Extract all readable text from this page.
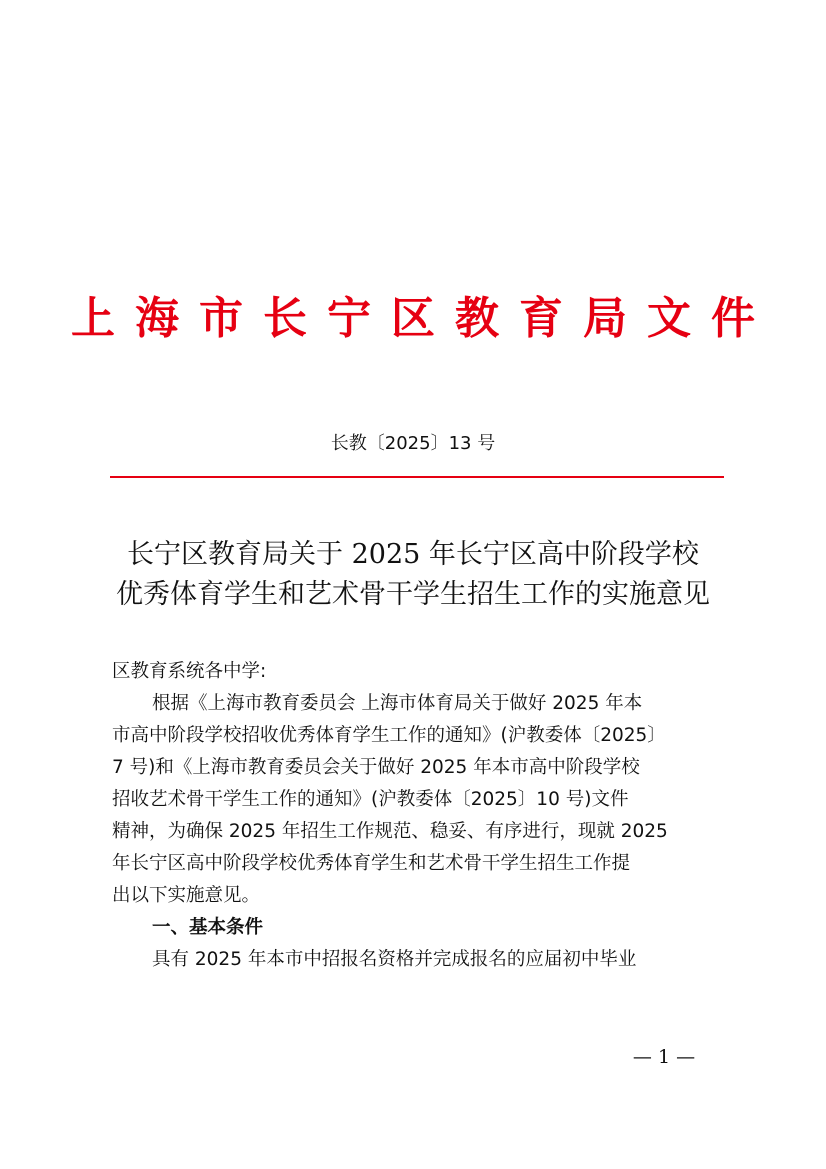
上海市长宁区教育局文件
长教〔2025〕13 号
长宁区教育局关于 2025 年长宁区高中阶段学校
优秀体育学生和艺术骨干学生招生工作的实施意见
区教育系统各中学:
根据《上海市教育委员会 上海市体育局关于做好 2025 年本
市高中阶段学校招收优秀体育学生工作的通知》(沪教委体〔2025〕
7 号)和《上海市教育委员会关于做好 2025 年本市高中阶段学校
招收艺术骨干学生工作的通知》(沪教委体〔2025〕10 号)文件
精神，为确保 2025 年招生工作规范、稳妥、有序进行，现就 2025
年长宁区高中阶段学校优秀体育学生和艺术骨干学生招生工作提
出以下实施意见。
一、基本条件
具有 2025 年本市中招报名资格并完成报名的应届初中毕业
— 1 —
